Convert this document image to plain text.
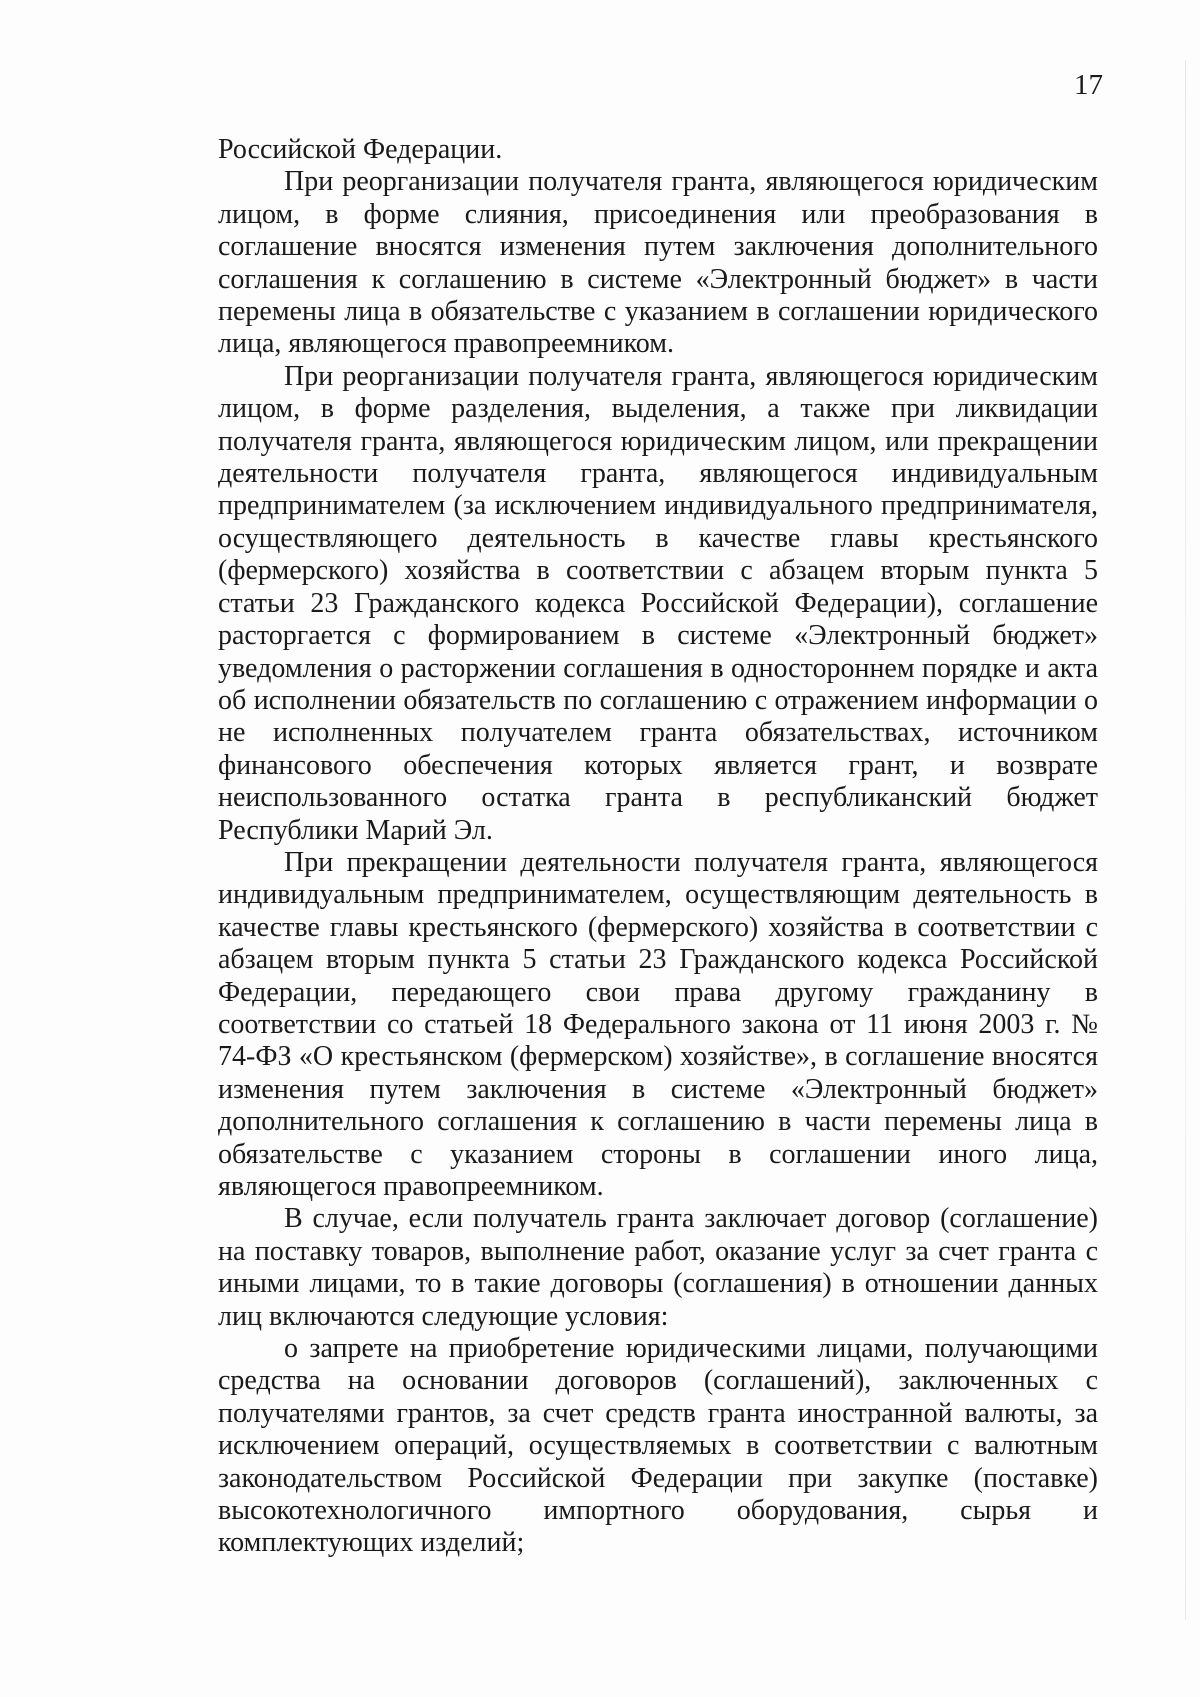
17

Российской Федерации.

При реорганизации получателя гранта, являющегося юридическим лицом, в форме слияния, присоединения или преобразования в соглашение вносятся изменения путем заключения дополнительного соглашения к соглашению в системе «Электронный бюджет» в части перемены лица в обязательстве с указанием в соглашении юридического лица, являющегося правопреемником.

При реорганизации получателя гранта, являющегося юридическим лицом, в форме разделения, выделения, а также при ликвидации получателя гранта, являющегося юридическим лицом, или прекращении деятельности получателя гранта, являющегося индивидуальным предпринимателем (за исключением индивидуального предпринимателя, осуществляющего деятельность в качестве главы крестьянского (фермерского) хозяйства в соответствии с абзацем вторым пункта 5 статьи 23 Гражданского кодекса Российской Федерации), соглашение расторгается с формированием в системе «Электронный бюджет» уведомления о расторжении соглашения в одностороннем порядке и акта об исполнении обязательств по соглашению с отражением информации о не исполненных получателем гранта обязательствах, источником финансового обеспечения которых является грант, и возврате неиспользованного остатка гранта в республиканский бюджет Республики Марий Эл.

При прекращении деятельности получателя гранта, являющегося индивидуальным предпринимателем, осуществляющим деятельность в качестве главы крестьянского (фермерского) хозяйства в соответствии с абзацем вторым пункта 5 статьи 23 Гражданского кодекса Российской Федерации, передающего свои права другому гражданину в соответствии со статьей 18 Федерального закона от 11 июня 2003 г. № 74-ФЗ «О крестьянском (фермерском) хозяйстве», в соглашение вносятся изменения путем заключения в системе «Электронный бюджет» дополнительного соглашения к соглашению в части перемены лица в обязательстве с указанием стороны в соглашении иного лица, являющегося правопреемником.

В случае, если получатель гранта заключает договор (соглашение) на поставку товаров, выполнение работ, оказание услуг за счет гранта с иными лицами, то в такие договоры (соглашения) в отношении данных лиц включаются следующие условия:

о запрете на приобретение юридическими лицами, получающими средства на основании договоров (соглашений), заключенных с получателями грантов, за счет средств гранта иностранной валюты, за исключением операций, осуществляемых в соответствии с валютным законодательством Российской Федерации при закупке (поставке) высокотехнологичного импортного оборудования, сырья и комплектующих изделий;
